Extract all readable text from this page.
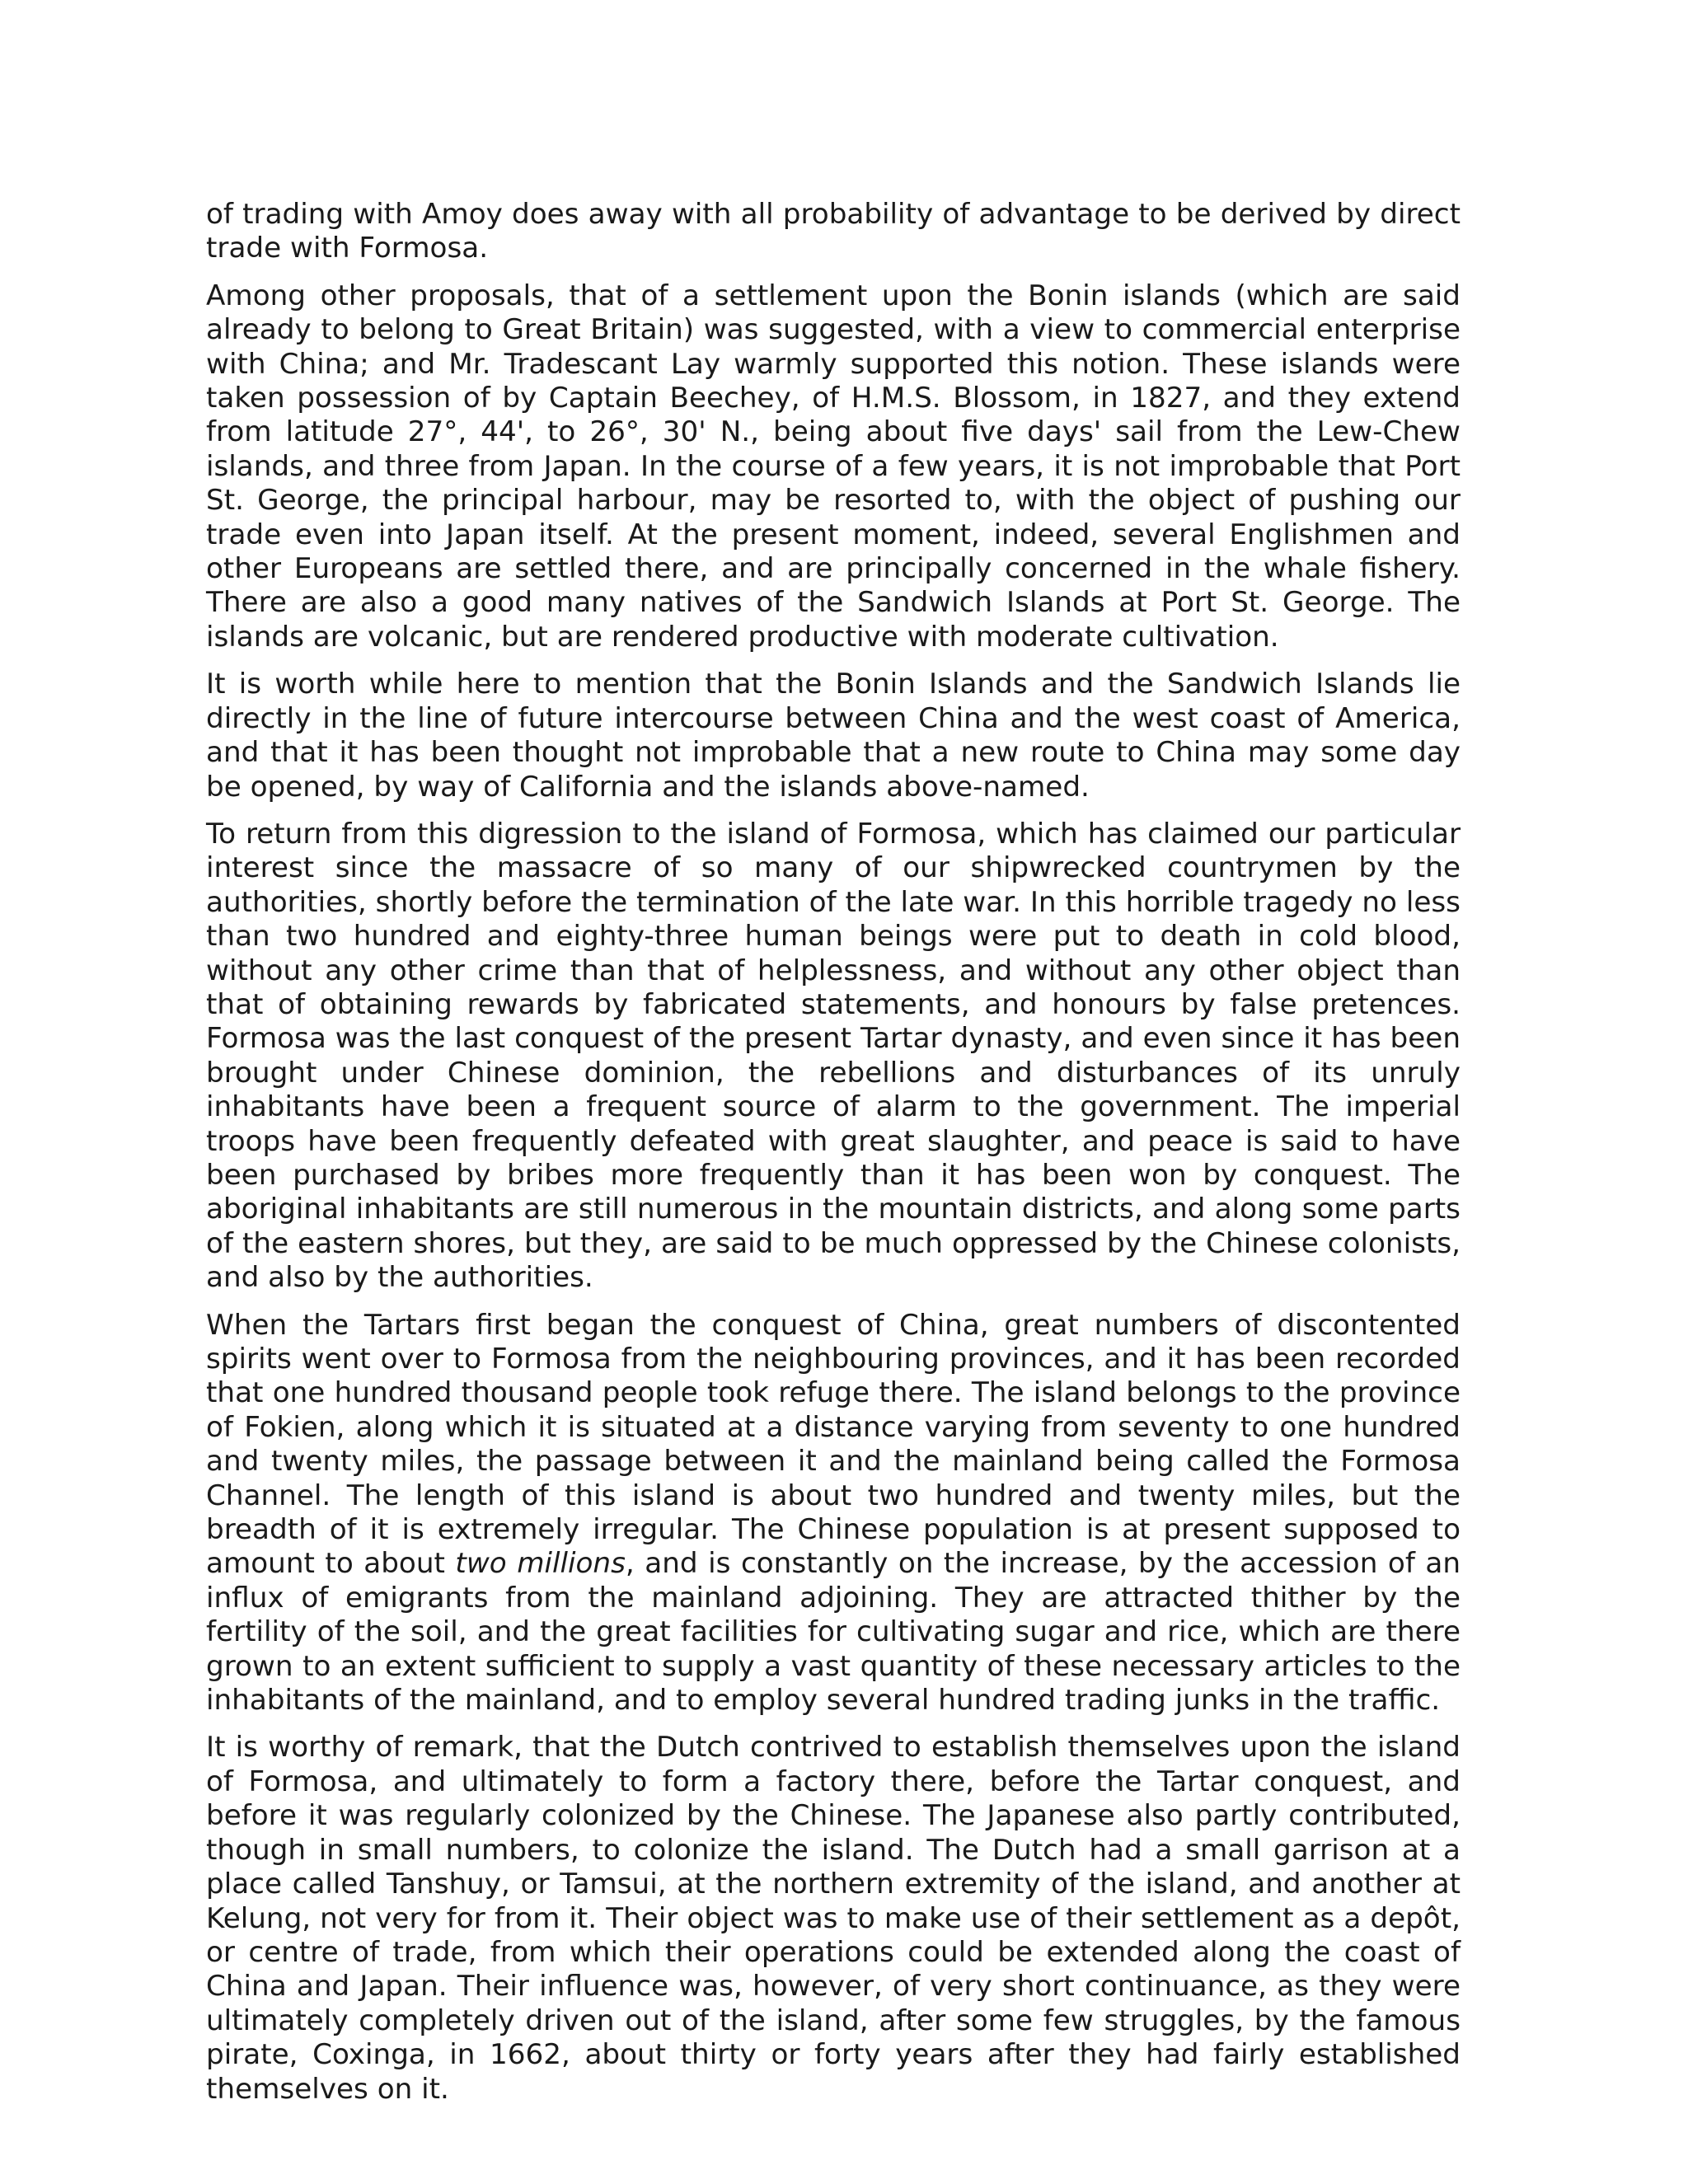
of trading with Amoy does away with all probability of advantage to be derived by direct trade with Formosa.

Among other proposals, that of a settlement upon the Bonin islands (which are said already to belong to Great Britain) was suggested, with a view to commercial enterprise with China; and Mr. Tradescant Lay warmly supported this notion. These islands were taken possession of by Captain Beechey, of H.M.S. Blossom, in 1827, and they extend from latitude 27°, 44', to 26°, 30' N., being about five days' sail from the Lew-Chew islands, and three from Japan. In the course of a few years, it is not improbable that Port St. George, the principal harbour, may be resorted to, with the object of pushing our trade even into Japan itself. At the present moment, indeed, several Englishmen and other Europeans are settled there, and are principally concerned in the whale fishery. There are also a good many natives of the Sandwich Islands at Port St. George. The islands are volcanic, but are rendered productive with moderate cultivation.

It is worth while here to mention that the Bonin Islands and the Sandwich Islands lie directly in the line of future intercourse between China and the west coast of America, and that it has been thought not improbable that a new route to China may some day be opened, by way of California and the islands above-named.

To return from this digression to the island of Formosa, which has claimed our particular interest since the massacre of so many of our shipwrecked countrymen by the authorities, shortly before the termination of the late war. In this horrible tragedy no less than two hundred and eighty-three human beings were put to death in cold blood, without any other crime than that of helplessness, and without any other object than that of obtaining rewards by fabricated statements, and honours by false pretences. Formosa was the last conquest of the present Tartar dynasty, and even since it has been brought under Chinese dominion, the rebellions and disturbances of its unruly inhabitants have been a frequent source of alarm to the government. The imperial troops have been frequently defeated with great slaughter, and peace is said to have been purchased by bribes more frequently than it has been won by conquest. The aboriginal inhabitants are still numerous in the mountain districts, and along some parts of the eastern shores, but they, are said to be much oppressed by the Chinese colonists, and also by the authorities.

When the Tartars first began the conquest of China, great numbers of discontented spirits went over to Formosa from the neighbouring provinces, and it has been recorded that one hundred thousand people took refuge there. The island belongs to the province of Fokien, along which it is situated at a distance varying from seventy to one hundred and twenty miles, the passage between it and the mainland being called the Formosa Channel. The length of this island is about two hundred and twenty miles, but the breadth of it is extremely irregular. The Chinese population is at present supposed to amount to about two millions, and is constantly on the increase, by the accession of an influx of emigrants from the mainland adjoining. They are attracted thither by the fertility of the soil, and the great facilities for cultivating sugar and rice, which are there grown to an extent sufficient to supply a vast quantity of these necessary articles to the inhabitants of the mainland, and to employ several hundred trading junks in the traffic.

It is worthy of remark, that the Dutch contrived to establish themselves upon the island of Formosa, and ultimately to form a factory there, before the Tartar conquest, and before it was regularly colonized by the Chinese. The Japanese also partly contributed, though in small numbers, to colonize the island. The Dutch had a small garrison at a place called Tanshuy, or Tamsui, at the northern extremity of the island, and another at Kelung, not very for from it. Their object was to make use of their settlement as a depôt, or centre of trade, from which their operations could be extended along the coast of China and Japan. Their influence was, however, of very short continuance, as they were ultimately completely driven out of the island, after some few struggles, by the famous pirate, Coxinga, in 1662, about thirty or forty years after they had fairly established themselves on it.
